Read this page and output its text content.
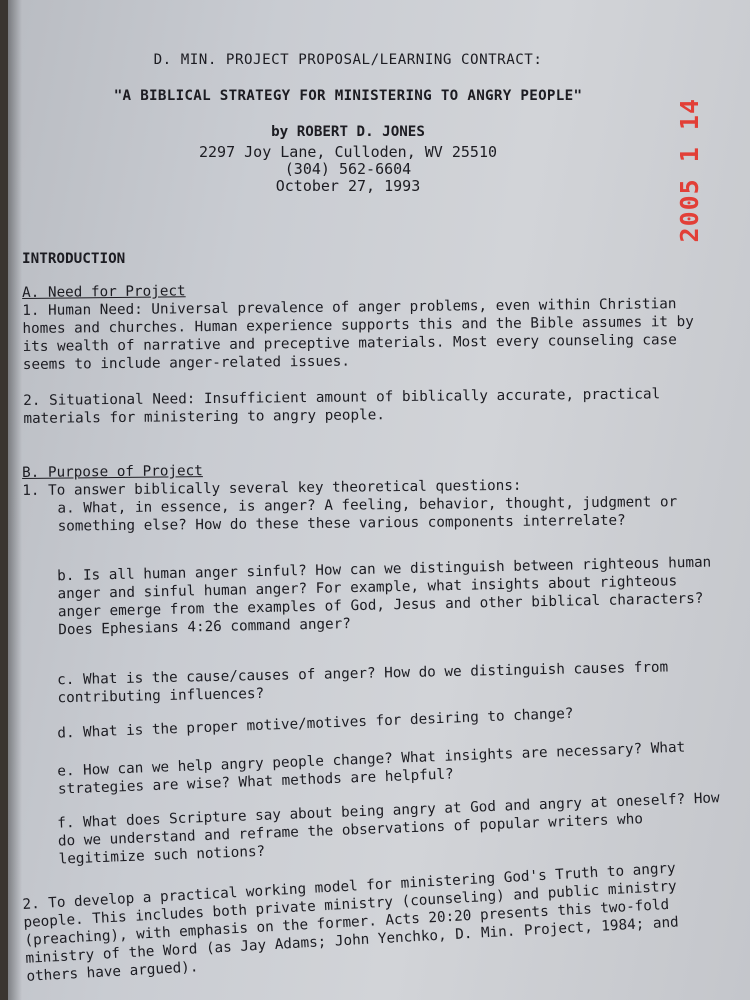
2005 1 14
D. MIN. PROJECT PROPOSAL/LEARNING CONTRACT:
"A BIBLICAL STRATEGY FOR MINISTERING TO ANGRY PEOPLE"
by ROBERT D. JONES
2297 Joy Lane, Culloden, WV 25510
(304) 562-6604
October 27, 1993
INTRODUCTION
A. Need for Project
1. Human Need: Universal prevalence of anger problems, even within Christian homes and churches. Human experience supports this and the Bible assumes it by its wealth of narrative and preceptive materials. Most every counseling case seems to include anger-related issues.
2. Situational Need: Insufficient amount of biblically accurate, practical materials for ministering to angry people.
B. Purpose of Project
1. To answer biblically several key theoretical questions:
a. What, in essence, is anger? A feeling, behavior, thought, judgment or something else? How do these these various components interrelate?
b. Is all human anger sinful? How can we distinguish between righteous human anger and sinful human anger? For example, what insights about righteous anger emerge from the examples of God, Jesus and other biblical characters? Does Ephesians 4:26 command anger?
c. What is the cause/causes of anger? How do we distinguish causes from contributing influences?
d. What is the proper motive/motives for desiring to change?
e. How can we help angry people change? What insights are necessary? What strategies are wise? What methods are helpful?
f. What does Scripture say about being angry at God and angry at oneself? How do we understand and reframe the observations of popular writers who legitimize such notions?
2. To develop a practical working model for ministering God's Truth to angry people. This includes both private ministry (counseling) and public ministry (preaching), with emphasis on the former. Acts 20:20 presents this two-fold ministry of the Word (as Jay Adams; John Yenchko, D. Min. Project, 1984; and others have argued).
